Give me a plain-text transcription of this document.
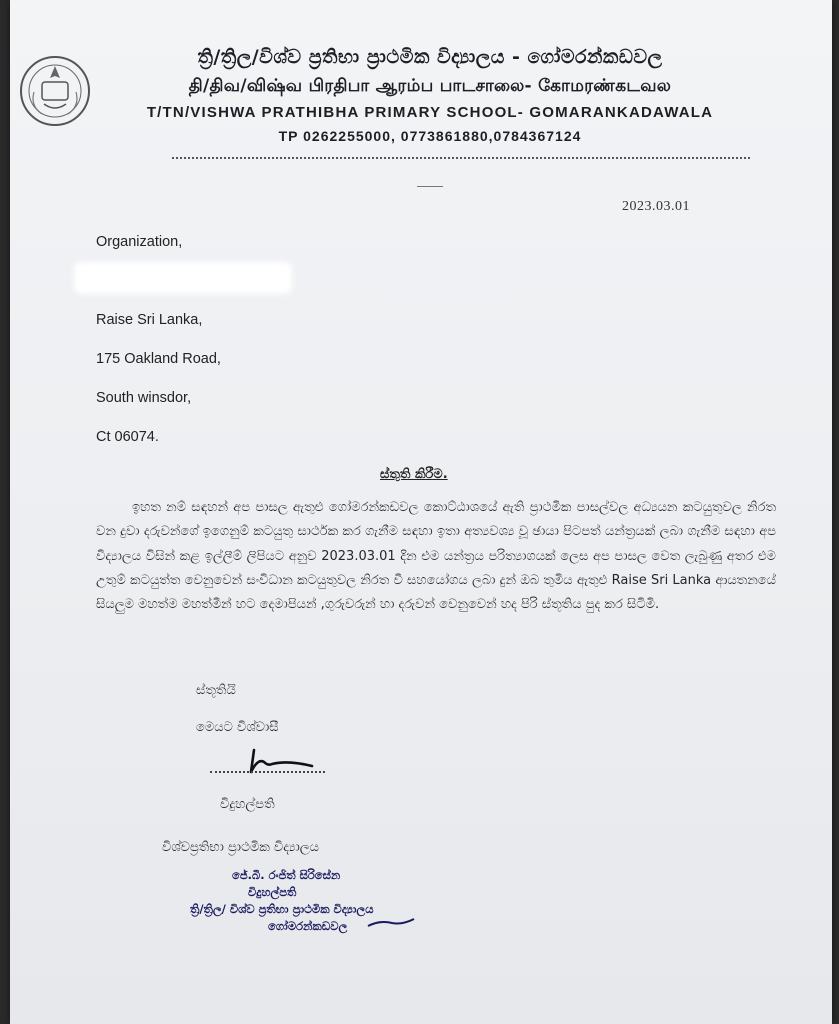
ත්‍රි/ත්‍රිල/විශ්ව ප්‍රතිභා ප්‍රාථමික විද්‍යාලය - ගෝමරන්කඩවල
தி/திவ/விஷ்வ பிரதிபா ஆரம்ப பாடசாலை- கோமரண்கடவல
T/TN/VISHWA PRATHIBHA PRIMARY SCHOOL- GOMARANKADAWALA
TP 0262255000, 0773861880,0784367124
2023.03.01
Organization,
Raise Sri Lanka,
175 Oakland Road,
South winsdor,
Ct 06074.
ස්තුති කිරීම.
ඉහත නම් සඳහන් අප පාසල ඇතුළු ගෝමරන්කඩවල කොට්ඨාශයේ ඇති ප්‍රාථමික පාසල්වල අධ්‍යයන කටයුතුවල නිරත වන දුවා දරුවන්ගේ ඉගෙනුම් කටයුතු සාර්ථක කර ගැනීම සඳහා ඉතා අත්‍යවශ්‍ය වූ ඡායා පිටපත් යන්ත්‍රයක් ලබා ගැනීම සඳහා අප විද්‍යාලය විසින් කළ ඉල්ලීම් ලිපියට අනුව 2023.03.01 දින එම යන්ත්‍රය පරිත්‍යාගයක් ලෙස අප පාසල වෙත ලැබුණු අතර එම උතුම් කටයුත්ත වෙනුවෙන් සංවිධාන කටයුතුවල නිරත වී සහයෝගය ලබා දුන් ඔබ තුමිය ඇතුළු Raise Sri Lanka ආයතනයේ සියලුම මහත්ම මහත්මීන් හට දෙමාපියන් ,ගුරුවරුන් හා දරුවන් වෙනුවෙන් හද පිරි ස්තූතිය පුද කර සිටිමි.
ස්තූතියි
මෙයට විශ්වාසී
විදුහල්පති
විශ්වප්‍රතිභා ප්‍රාථමික විද්‍යාලය
ජේ.බී. රංජිත් සිරිසේන
විදුහල්පති
ත්‍රි/ත්‍රිල/ විශ්ව ප්‍රතිභා ප්‍රාථමික විද්‍යාලය
ගෝමරන්කඩවල
